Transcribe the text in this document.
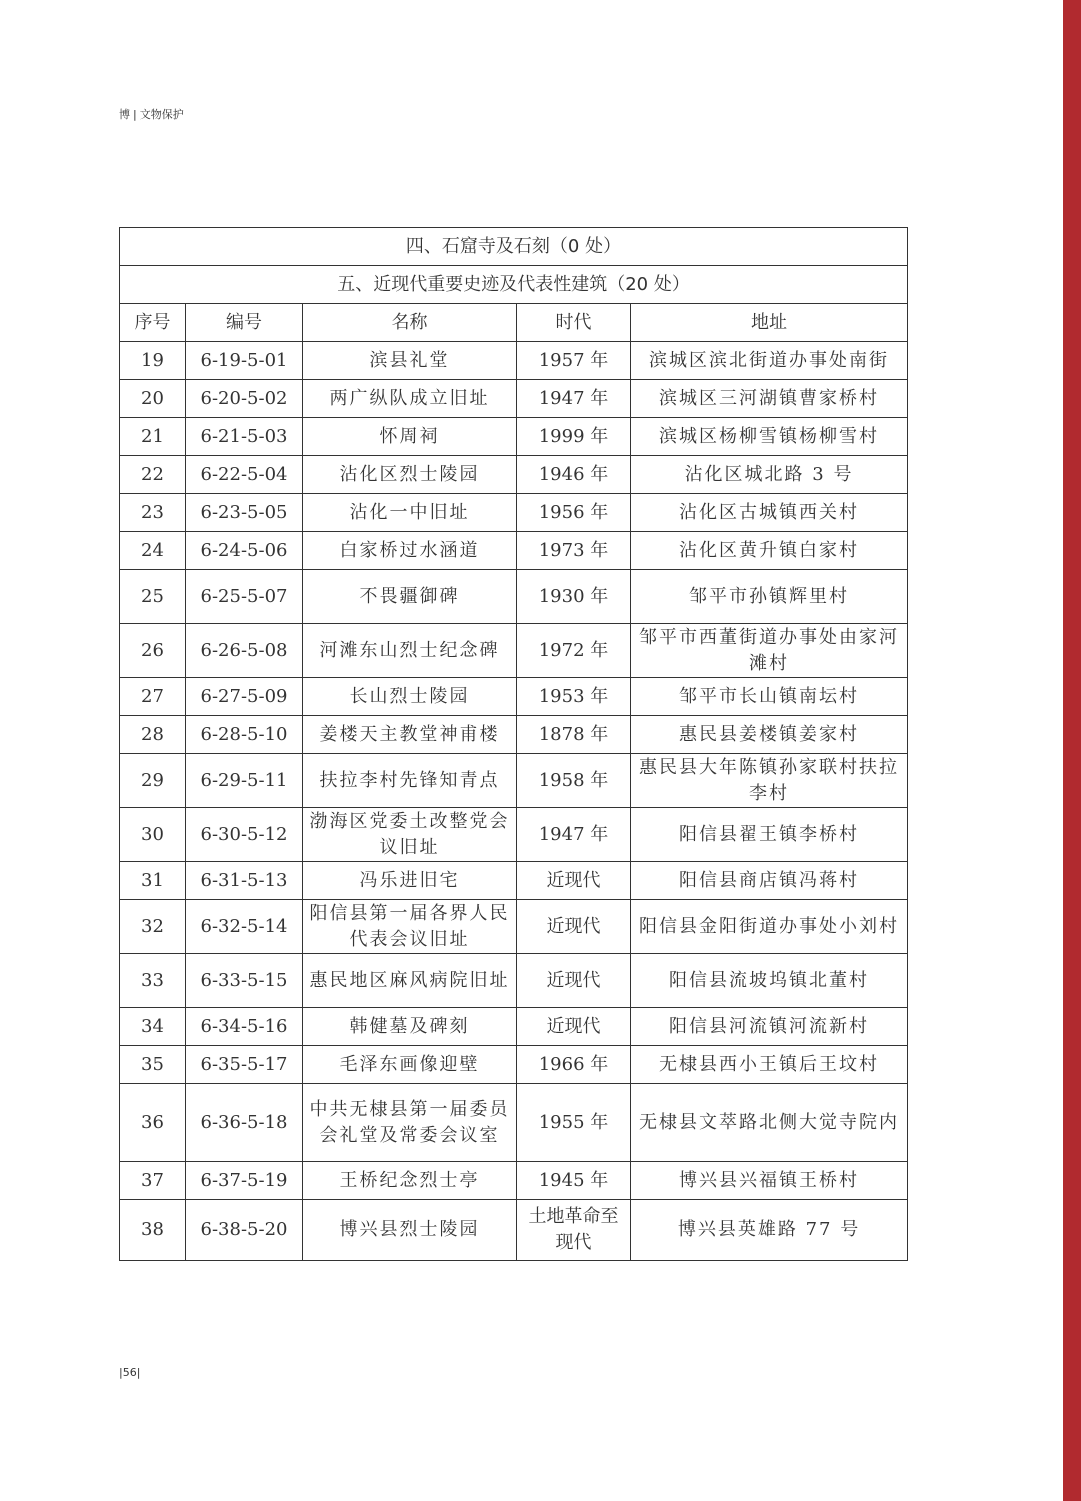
博 | 文物保护
四、石窟寺及石刻（0 处）				
五、近现代重要史迹及代表性建筑（20 处）				
序号	编号	名称	时代	地址
19	6-19-5-01	滨县礼堂	1957 年	滨城区滨北街道办事处南街
20	6-20-5-02	两广纵队成立旧址	1947 年	滨城区三河湖镇曹家桥村
21	6-21-5-03	怀周祠	1999 年	滨城区杨柳雪镇杨柳雪村
22	6-22-5-04	沾化区烈士陵园	1946 年	沾化区城北路 3 号
23	6-23-5-05	沾化一中旧址	1956 年	沾化区古城镇西关村
24	6-24-5-06	白家桥过水涵道	1973 年	沾化区黄升镇白家村
25	6-25-5-07	不畏疆御碑	1930 年	邹平市孙镇辉里村
26	6-26-5-08	河滩东山烈士纪念碑	1972 年	邹平市西董街道办事处由家河滩村
27	6-27-5-09	长山烈士陵园	1953 年	邹平市长山镇南坛村
28	6-28-5-10	姜楼天主教堂神甫楼	1878 年	惠民县姜楼镇姜家村
29	6-29-5-11	扶拉李村先锋知青点	1958 年	惠民县大年陈镇孙家联村扶拉李村
30	6-30-5-12	渤海区党委土改整党会议旧址	1947 年	阳信县翟王镇李桥村
31	6-31-5-13	冯乐进旧宅	近现代	阳信县商店镇冯蒋村
32	6-32-5-14	阳信县第一届各界人民代表会议旧址	近现代	阳信县金阳街道办事处小刘村
33	6-33-5-15	惠民地区麻风病院旧址	近现代	阳信县流坡坞镇北董村
34	6-34-5-16	韩健墓及碑刻	近现代	阳信县河流镇河流新村
35	6-35-5-17	毛泽东画像迎壁	1966 年	无棣县西小王镇后王坟村
36	6-36-5-18	中共无棣县第一届委员会礼堂及常委会议室	1955 年	无棣县文萃路北侧大觉寺院内
37	6-37-5-19	王桥纪念烈士亭	1945 年	博兴县兴福镇王桥村
38	6-38-5-20	博兴县烈士陵园	土地革命至现代	博兴县英雄路 77 号
|56|
